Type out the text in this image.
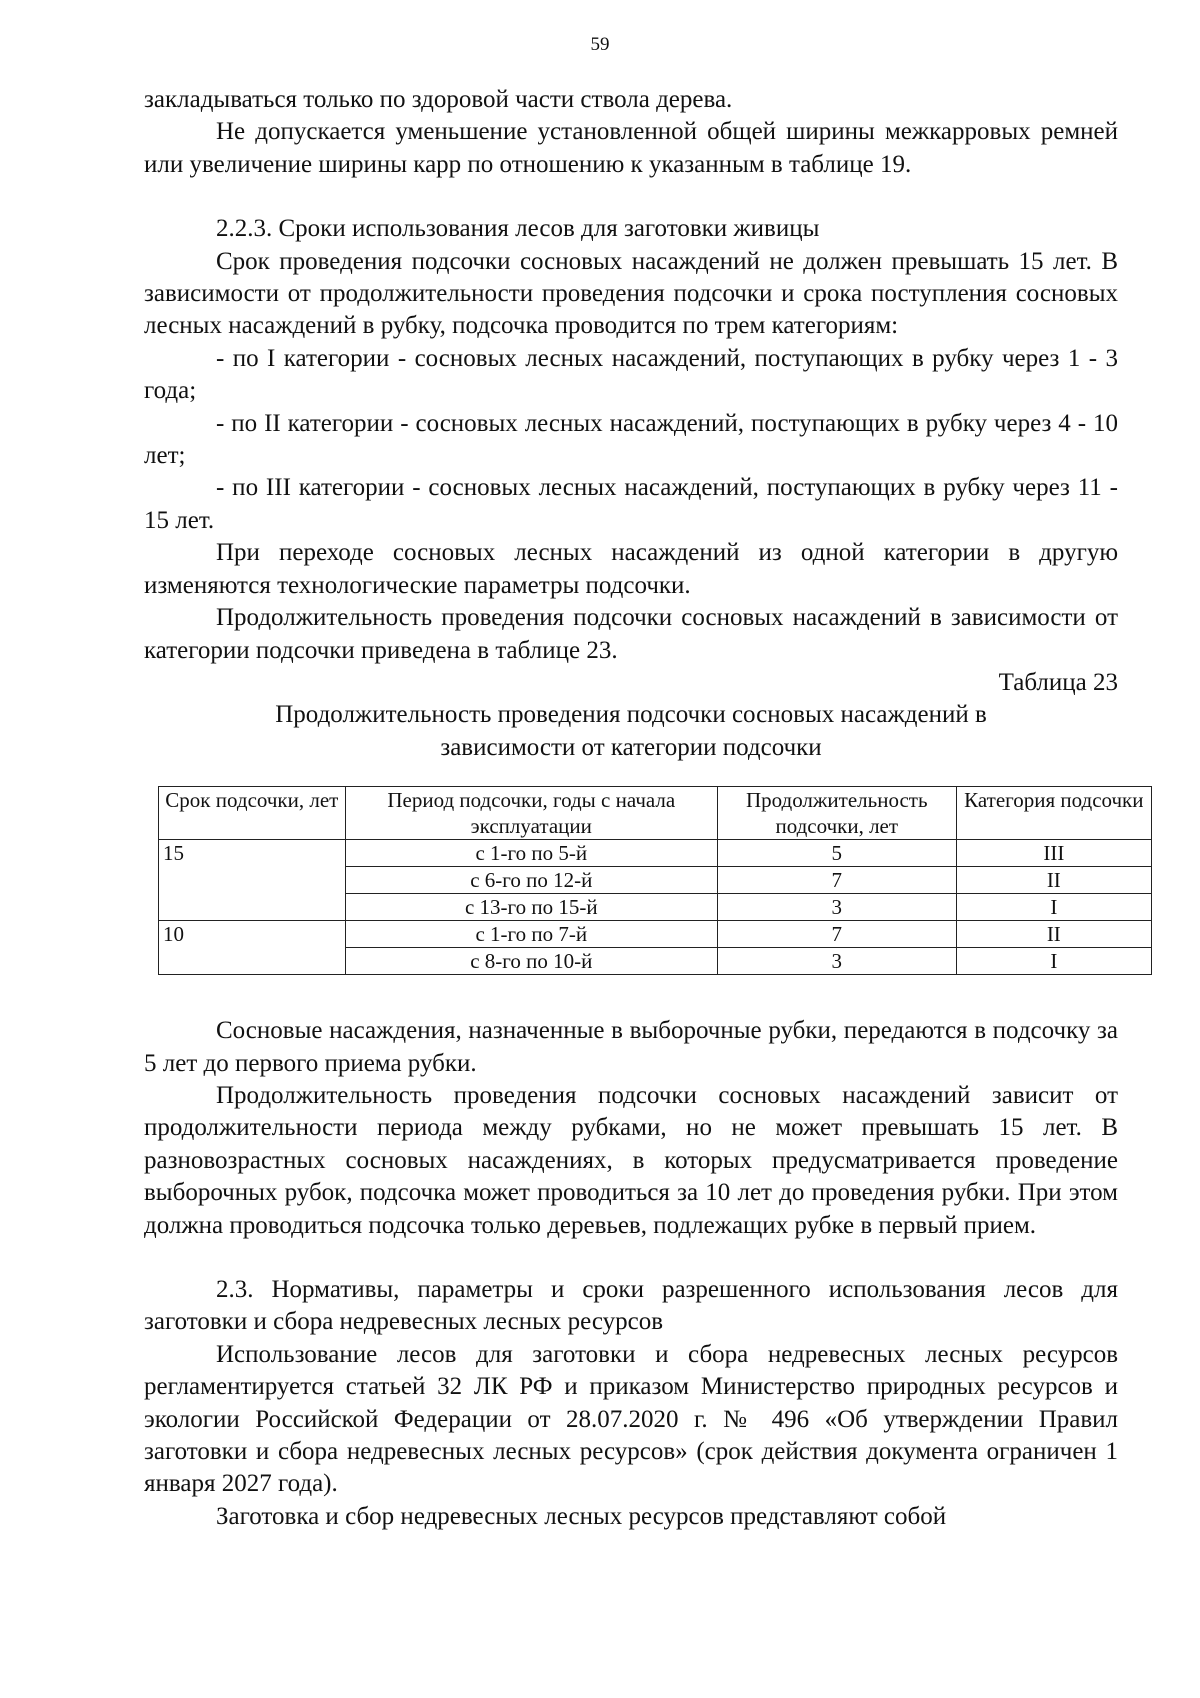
59

закладываться только по здоровой части ствола дерева.

Не допускается уменьшение установленной общей ширины межкарровых ремней или увеличение ширины карр по отношению к указанным в таблице 19.

2.2.3. Сроки использования лесов для заготовки живицы

Срок проведения подсочки сосновых насаждений не должен превышать 15 лет. В зависимости от продолжительности проведения подсочки и срока поступления сосновых лесных насаждений в рубку, подсочка проводится по трем категориям:

- по I категории - сосновых лесных насаждений, поступающих в рубку через 1 - 3 года;

- по II категории - сосновых лесных насаждений, поступающих в рубку через 4 - 10 лет;

- по III категории - сосновых лесных насаждений, поступающих в рубку через 11 - 15 лет.

При переходе сосновых лесных насаждений из одной категории в другую изменяются технологические параметры подсочки.

Продолжительность проведения подсочки сосновых насаждений в зависимости от категории подсочки приведена в таблице 23.

Таблица 23

Продолжительность проведения подсочки сосновых насаждений в

зависимости от категории подсочки

Срок подсочки, лет	Период подсочки, годы с начала эксплуатации	Продолжительность подсочки, лет	Категория подсочки
15	с 1-го по 5-й	5	III
	с 6-го по 12-й	7	II
	с 13-го по 15-й	3	I
10	с 1-го по 7-й	7	II
	с 8-го по 10-й	3	I

Сосновые насаждения, назначенные в выборочные рубки, передаются в подсочку за 5 лет до первого приема рубки.

Продолжительность проведения подсочки сосновых насаждений зависит от продолжительности периода между рубками, но не может превышать 15 лет. В разновозрастных сосновых насаждениях, в которых предусматривается проведение выборочных рубок, подсочка может проводиться за 10 лет до проведения рубки. При этом должна проводиться подсочка только деревьев, подлежащих рубке в первый прием.

2.3. Нормативы, параметры и сроки разрешенного использования лесов для заготовки и сбора недревесных лесных ресурсов

Использование лесов для заготовки и сбора недревесных лесных ресурсов регламентируется статьей 32 ЛК РФ и приказом Министерство природных ресурсов и экологии Российской Федерации от 28.07.2020 г. № 496 «Об утверждении Правил заготовки и сбора недревесных лесных ресурсов» (срок действия документа ограничен 1 января 2027 года).

Заготовка и сбор недревесных лесных ресурсов представляют собой
